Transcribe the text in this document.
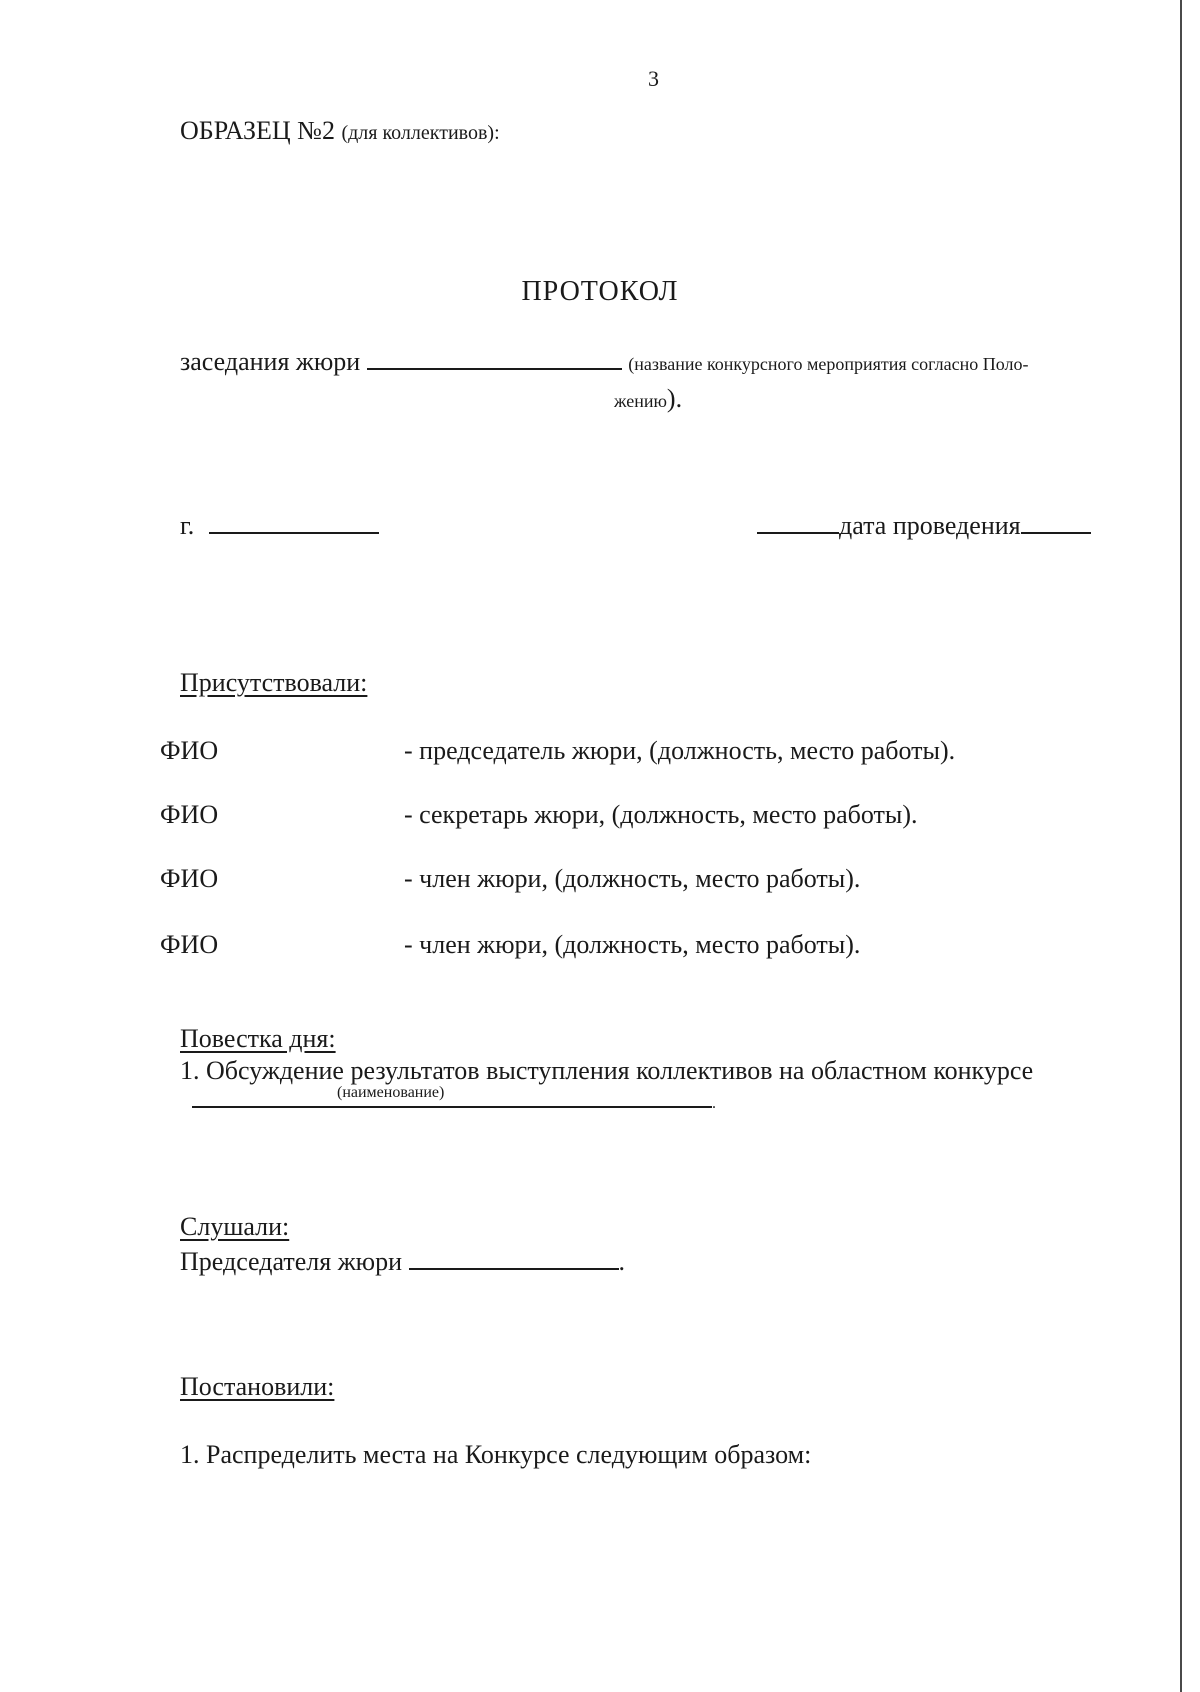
3
ОБРАЗЕЦ №2 (для коллективов):
ПРОТОКОЛ
заседания жюри	(название конкурсного мероприятия согласно Поло-
жению).
г.	дата проведения
Присутствовали:
ФИО	- председатель жюри, (должность, место работы).
ФИО	- секретарь жюри, (должность, место работы).
ФИО	- член жюри, (должность, место работы).
ФИО	- член жюри, (должность, место работы).
Повестка дня:
1. Обсуждение результатов выступления коллективов на областном конкурсе
(наименование)
.
Слушали:
Председателя жюри	.
Постановили:
1. Распределить места на Конкурсе следующим образом:
